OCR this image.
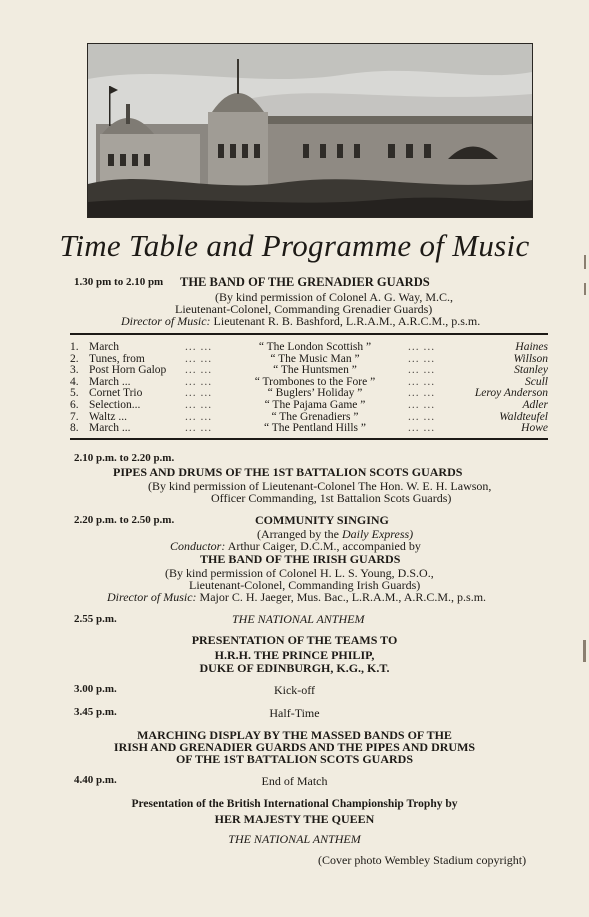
Time Table and Programme of Music
1.30 pm to 2.10 pm THE BAND OF THE GRENADIER GUARDS
(By kind permission of Colonel A. G. Way, M.C.,
Lieutenant-Colonel, Commanding Grenadier Guards)
Director of Music: Lieutenant R. B. Bashford, L.R.A.M., A.R.C.M., p.s.m.
1. March	... ...	“ The London Scottish ”	... ...	Haines
2. Tunes, from	... ...	“ The Music Man ”	... ...	Willson
3. Post Horn Galop ... ...	“ The Huntsmen ”	... ...	Stanley
4. March ...	... ...	“ Trombones to the Fore ”	... ...	Scull
5. Cornet Trio	... ...	“ Buglers’ Holiday ”	... ...	Leroy Anderson
6. Selection...	... ...	“ The Pajama Game ”	... ...	Adler
7. Waltz ...	... ...	“ The Grenadiers ”	... ...	Waldteufel
8. March ...	... ...	“ The Pentland Hills ”	... ...	Howe
2.10 p.m. to 2.20 p.m.
PIPES AND DRUMS OF THE 1ST BATTALION SCOTS GUARDS
(By kind permission of Lieutenant-Colonel The Hon. W. E. H. Lawson,
Officer Commanding, 1st Battalion Scots Guards)
2.20 p.m. to 2.50 p.m.	COMMUNITY SINGING
(Arranged by the Daily Express)
Conductor: Arthur Caiger, D.C.M., accompanied by
THE BAND OF THE IRISH GUARDS
(By kind permission of Colonel H. L. S. Young, D.S.O.,
Lieutenant-Colonel, Commanding Irish Guards)
Director of Music: Major C. H. Jaeger, Mus. Bac., L.R.A.M., A.R.C.M., p.s.m.
2.55 p.m.	THE NATIONAL ANTHEM
PRESENTATION OF THE TEAMS TO
H.R.H. THE PRINCE PHILIP,
DUKE OF EDINBURGH, K.G., K.T.
3.00 p.m.	Kick-off
3.45 p.m.	Half-Time
MARCHING DISPLAY BY THE MASSED BANDS OF THE
IRISH AND GRENADIER GUARDS AND THE PIPES AND DRUMS
OF THE 1ST BATTALION SCOTS GUARDS
4.40 p.m.	End of Match
Presentation of the British International Championship Trophy by
HER MAJESTY THE QUEEN
THE NATIONAL ANTHEM
(Cover photo Wembley Stadium copyright)
